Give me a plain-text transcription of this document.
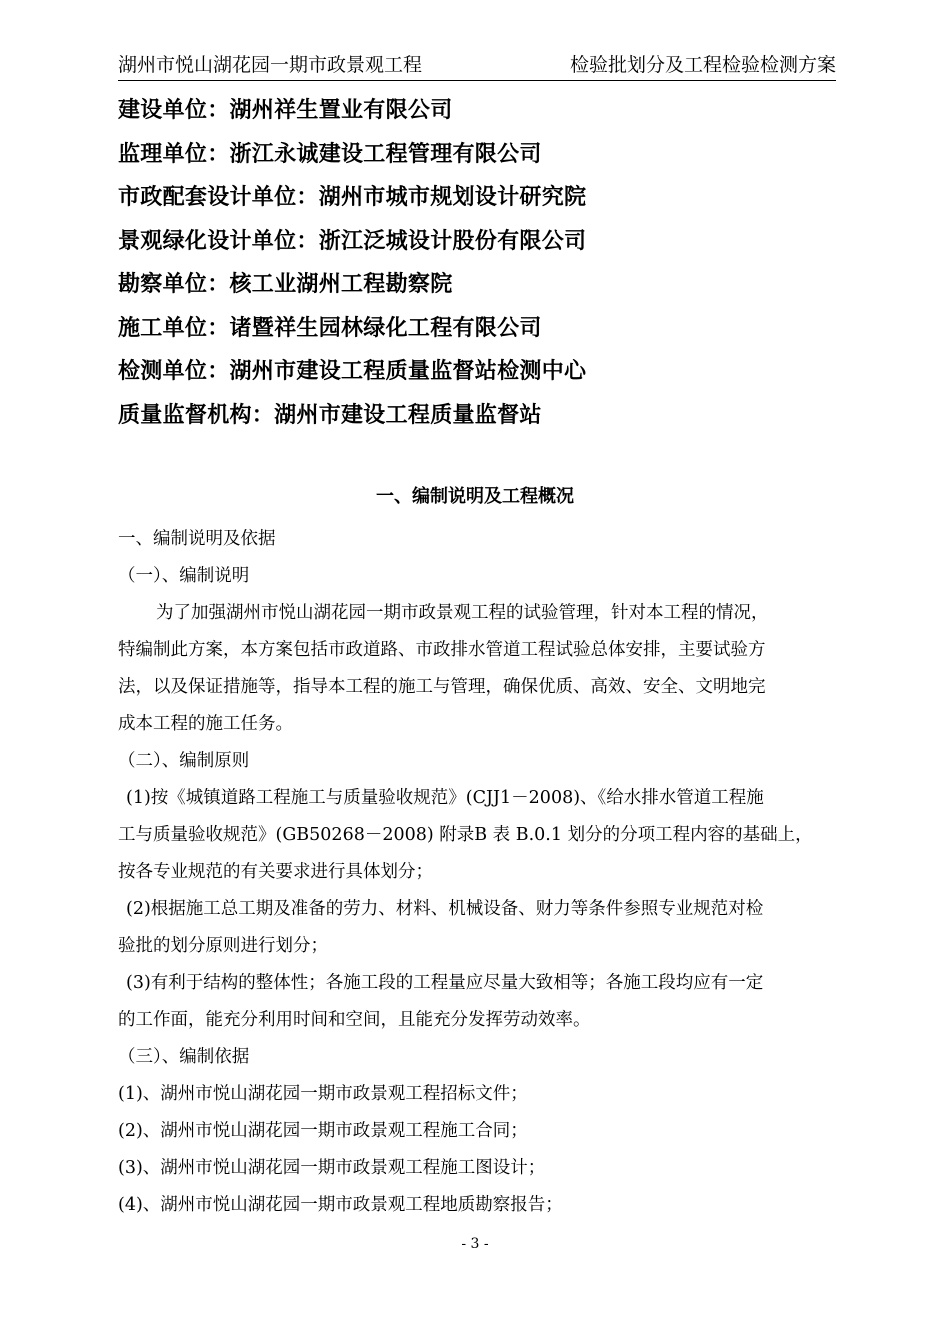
湖州市悦山湖花园一期市政景观工程	检验批划分及工程检验检测方案
建设单位：湖州祥生置业有限公司
监理单位：浙江永诚建设工程管理有限公司
市政配套设计单位：湖州市城市规划设计研究院
景观绿化设计单位：浙江泛城设计股份有限公司
勘察单位：核工业湖州工程勘察院
施工单位：诸暨祥生园林绿化工程有限公司
检测单位：湖州市建设工程质量监督站检测中心
质量监督机构：湖州市建设工程质量监督站
一、编制说明及工程概况

一、编制说明及依据

（一）、编制说明

为了加强湖州市悦山湖花园一期市政景观工程的试验管理，针对本工程的情况，

特编制此方案，本方案包括市政道路、市政排水管道工程试验总体安排，主要试验方

法，以及保证措施等，指导本工程的施工与管理，确保优质、高效、安全、文明地完

成本工程的施工任务。

（二）、编制原则

(1)按《城镇道路工程施工与质量验收规范》(CJJ1－2008)、《给水排水管道工程施

工与质量验收规范》(GB50268－2008) 附录B 表 B.0.1 划分的分项工程内容的基础上，

按各专业规范的有关要求进行具体划分；

(2)根据施工总工期及准备的劳力、材料、机械设备、财力等条件参照专业规范对检

验批的划分原则进行划分；

(3)有利于结构的整体性；各施工段的工程量应尽量大致相等；各施工段均应有一定

的工作面，能充分利用时间和空间，且能充分发挥劳动效率。

（三）、编制依据

(1)、湖州市悦山湖花园一期市政景观工程招标文件；

(2)、湖州市悦山湖花园一期市政景观工程施工合同；

(3)、湖州市悦山湖花园一期市政景观工程施工图设计；

(4)、湖州市悦山湖花园一期市政景观工程地质勘察报告；

- 3 -
